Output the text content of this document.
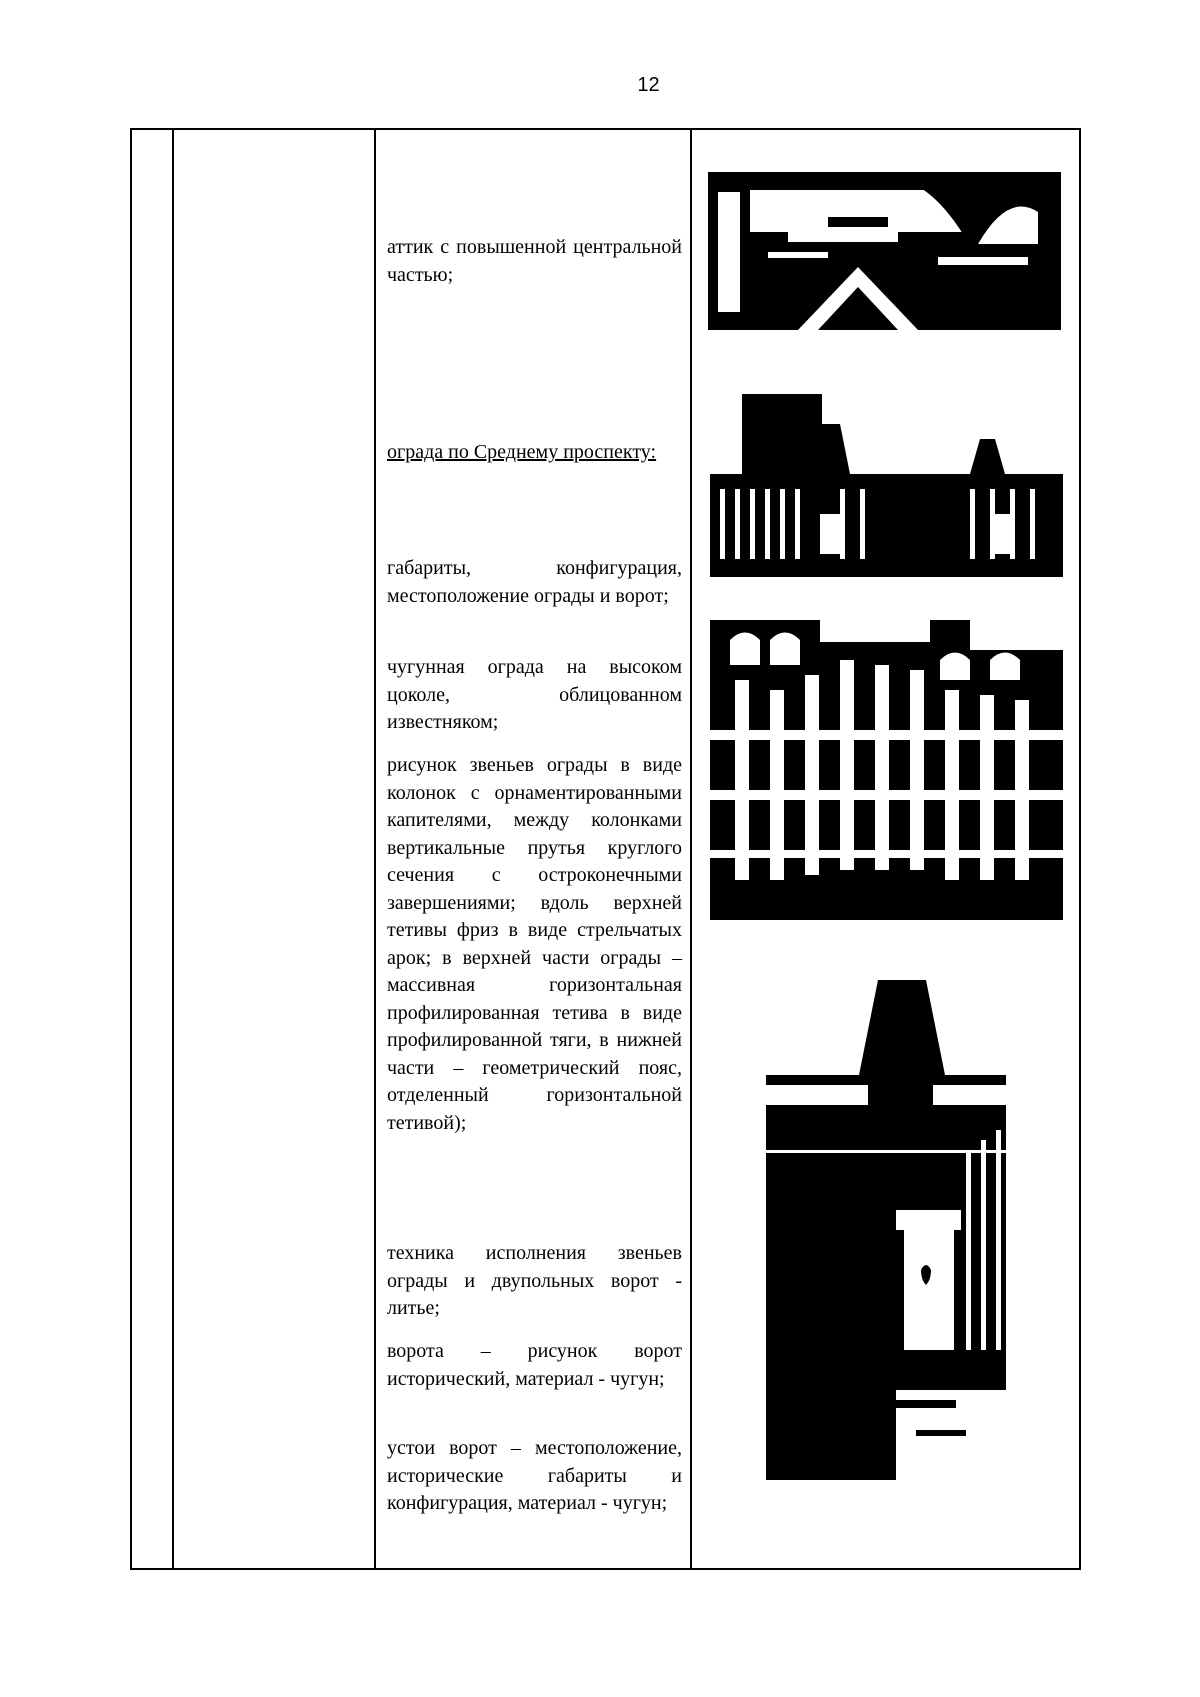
12

аттик с повышенной центральной частью;

ограда по Среднему проспекту:

габариты, конфигурация, местоположение ограды и ворот;

чугунная ограда на высоком цоколе, облицованном известняком;

рисунок звеньев ограды в виде колонок с орнаментированными капителями, между колонками вертикальные прутья круглого сечения с остроконечными завершениями; вдоль верхней тетивы фриз в виде стрельчатых арок; в верхней части ограды – массивная горизонтальная профилированная тетива в виде профилированной тяги, в нижней части – геометрический пояс, отделенный горизонтальной тетивой);

техника исполнения звеньев ограды и двупольных ворот - литье;

ворота – рисунок ворот исторический, материал - чугун;

устои ворот – местоположение, исторические габариты и конфигурация, материал - чугун;
